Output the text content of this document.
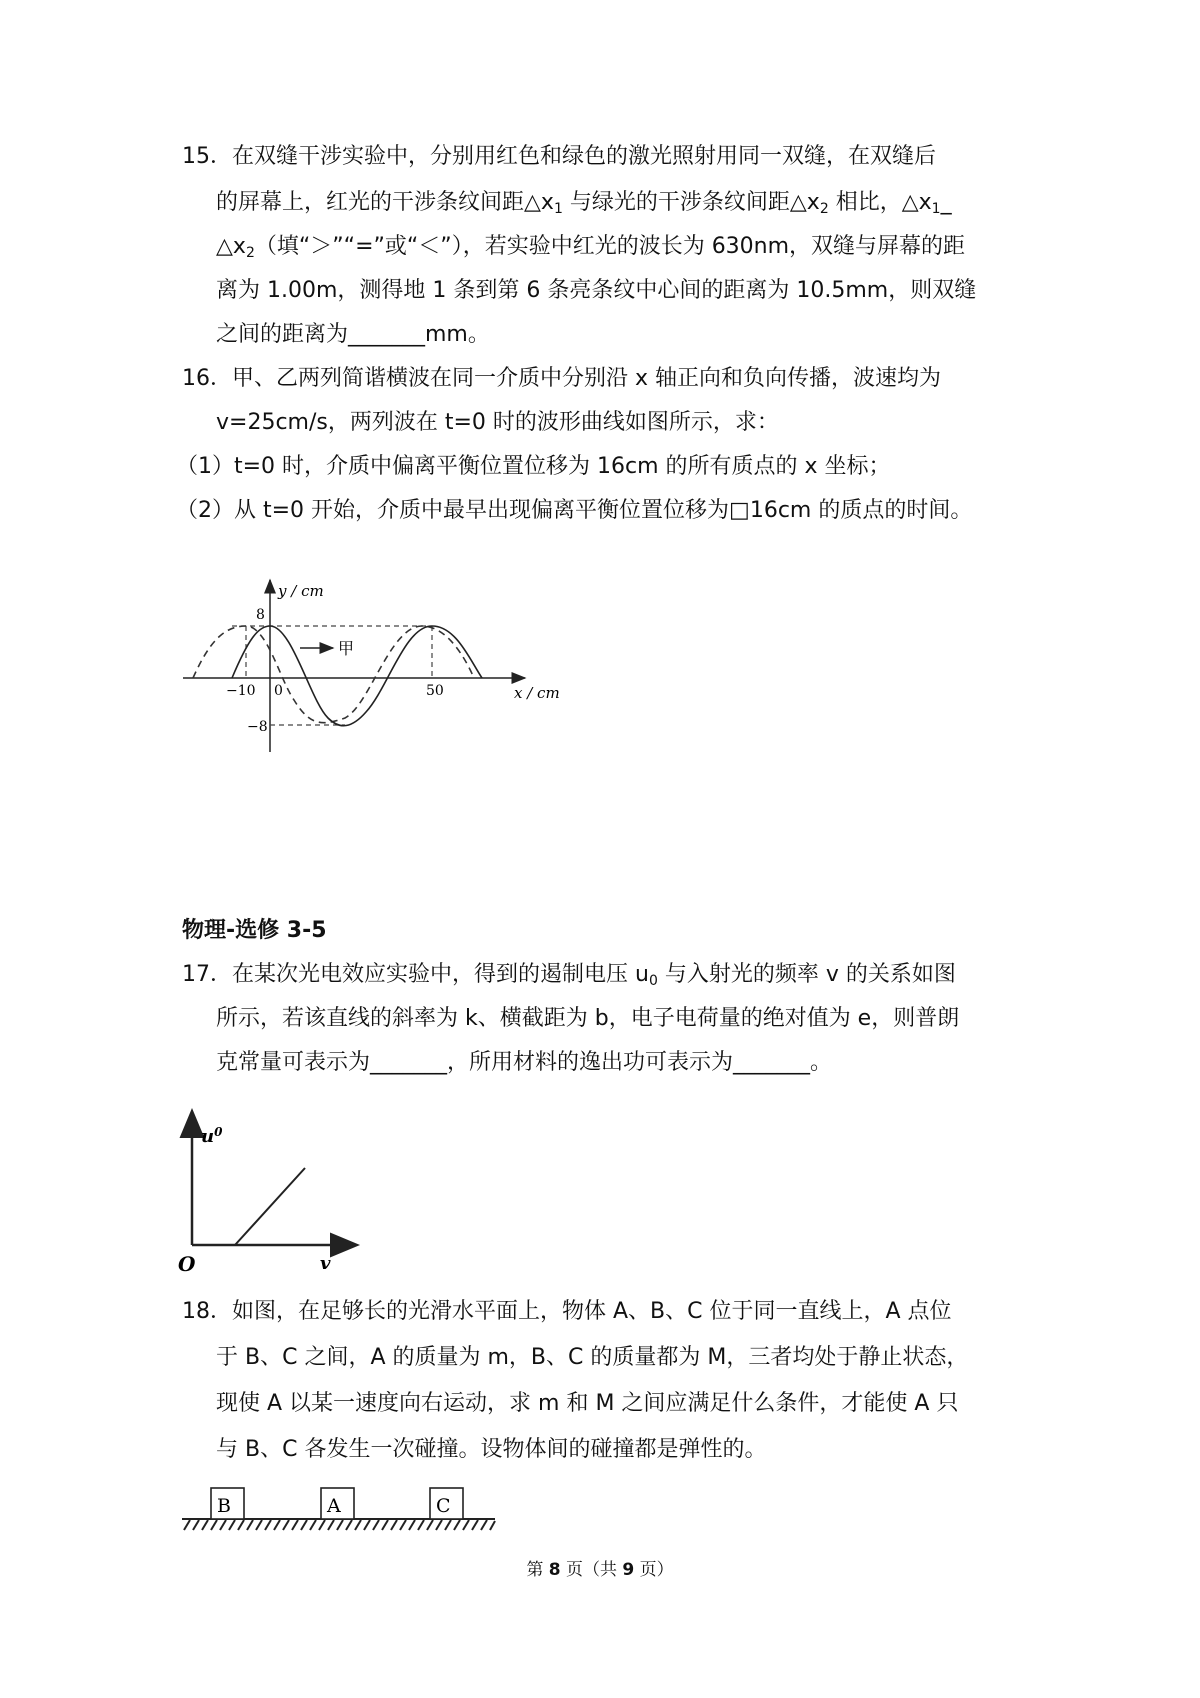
15．在双缝干涉实验中，分别用红色和绿色的激光照射用同一双缝，在双缝后
的屏幕上，红光的干涉条纹间距$\triangle x_1$ 与绿光的干涉条纹间距$\triangle x_2$ 相比，$\triangle x_1\_$
$\triangle x_2$（填“＞”“=”或“＜”），若实验中红光的波长为 630nm，双缝与屏幕的距
离为 1.00m，测得地 1 条到第 6 条亮条纹中心间的距离为 10.5mm，则双缝
之间的距离为_______mm。
16．甲、乙两列简谐横波在同一介质中分别沿 x 轴正向和负向传播，波速均为
v=25cm/s，两列波在 t=0 时的波形曲线如图所示，求：
（1）t=0 时，介质中偏离平衡位置位移为 16cm 的所有质点的 x 坐标；
（2）从 t=0 开始，介质中最早出现偏离平衡位置位移为□16cm 的质点的时间。
甲
y / cm
x / cm
8
−8
−10 0	50
物理-选修 3-5
17．在某次光电效应实验中，得到的遏制电压 $u_0$ 与入射光的频率 v 的关系如图
所示，若该直线的斜率为 k、横截距为 b，电子电荷量的绝对值为 e，则普朗
克常量可表示为_______，所用材料的逸出功可表示为_______。
$u^0$
O	v
18．如图，在足够长的光滑水平面上，物体 A、B、C 位于同一直线上，A 点位
于 B、C 之间，A 的质量为 m，B、C 的质量都为 M，三者均处于静止状态，
现使 A 以某一速度向右运动，求 m 和 M 之间应满足什么条件，才能使 A 只
与 B、C 各发生一次碰撞。设物体间的碰撞都是弹性的。
B	A	C
第 8 页（共 9 页）
